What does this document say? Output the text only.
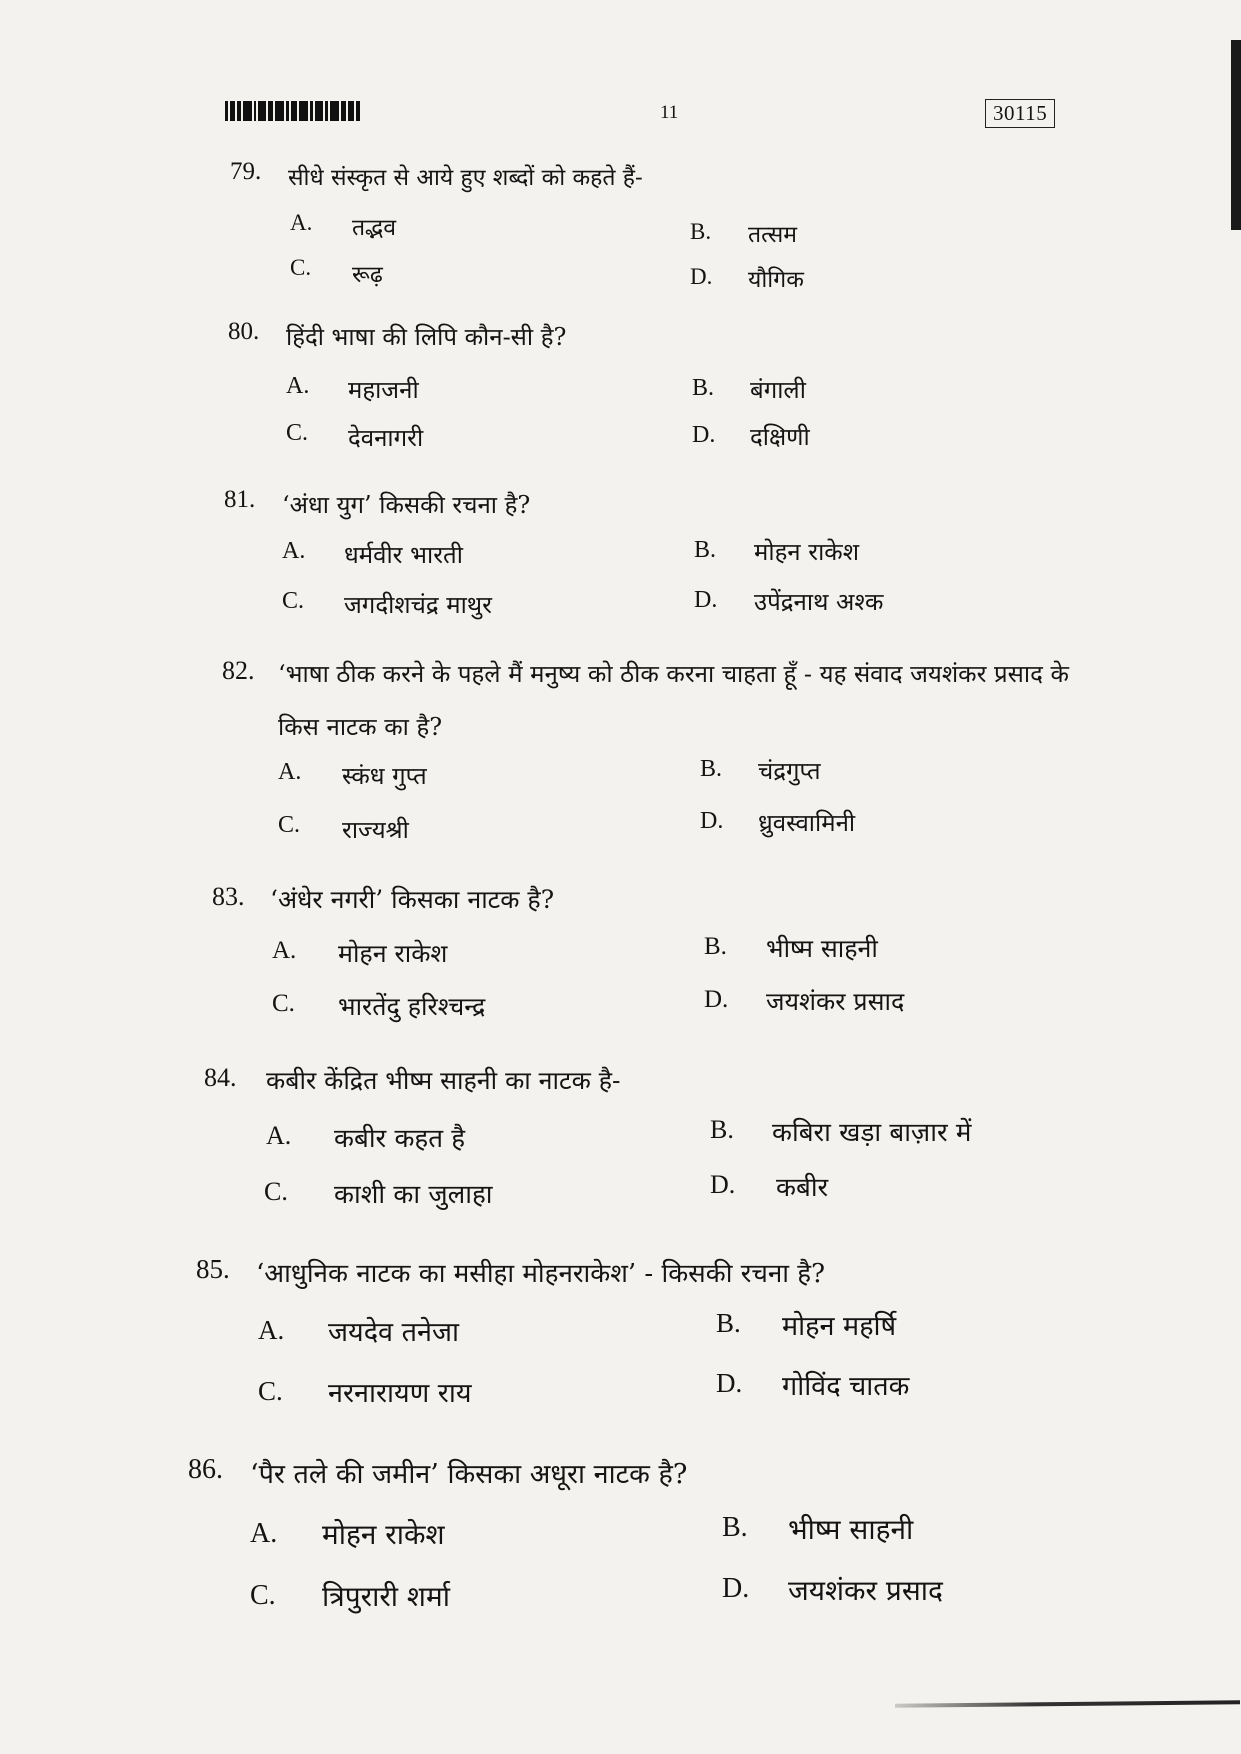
11	30115
79. सीधे संस्कृत से आये हुए शब्दों को कहते हैं-
A. तद्भव	B. तत्सम
C. रूढ़	D. यौगिक
80. हिंदी भाषा की लिपि कौन-सी है?
A. महाजनी	B. बंगाली
C. देवनागरी	D. दक्षिणी
81. ‘अंधा युग’ किसकी रचना है?
A. धर्मवीर भारती	B. मोहन राकेश
C. जगदीशचंद्र माथुर	D. उपेंद्रनाथ अश्क
82. ‘भाषा ठीक करने के पहले मैं मनुष्य को ठीक करना चाहता हूँ - यह संवाद जयशंकर प्रसाद के
किस नाटक का है?
A. स्कंध गुप्त	B. चंद्रगुप्त
C. राज्यश्री	D. ध्रुवस्वामिनी
83. ‘अंधेर नगरी’ किसका नाटक है?
A. मोहन राकेश	B. भीष्म साहनी
C. भारतेंदु हरिश्चन्द्र	D. जयशंकर प्रसाद
84. कबीर केंद्रित भीष्म साहनी का नाटक है-
A. कबीर कहत है	B. कबिरा खड़ा बाज़ार में
C. काशी का जुलाहा	D. कबीर
85. ‘आधुनिक नाटक का मसीहा मोहनराकेश’ - किसकी रचना है?
A. जयदेव तनेजा	B. मोहन महर्षि
C. नरनारायण राय	D. गोविंद चातक
86. ‘पैर तले की जमीन’ किसका अधूरा नाटक है?
A. मोहन राकेश	B. भीष्म साहनी
C. त्रिपुरारी शर्मा	D. जयशंकर प्रसाद
